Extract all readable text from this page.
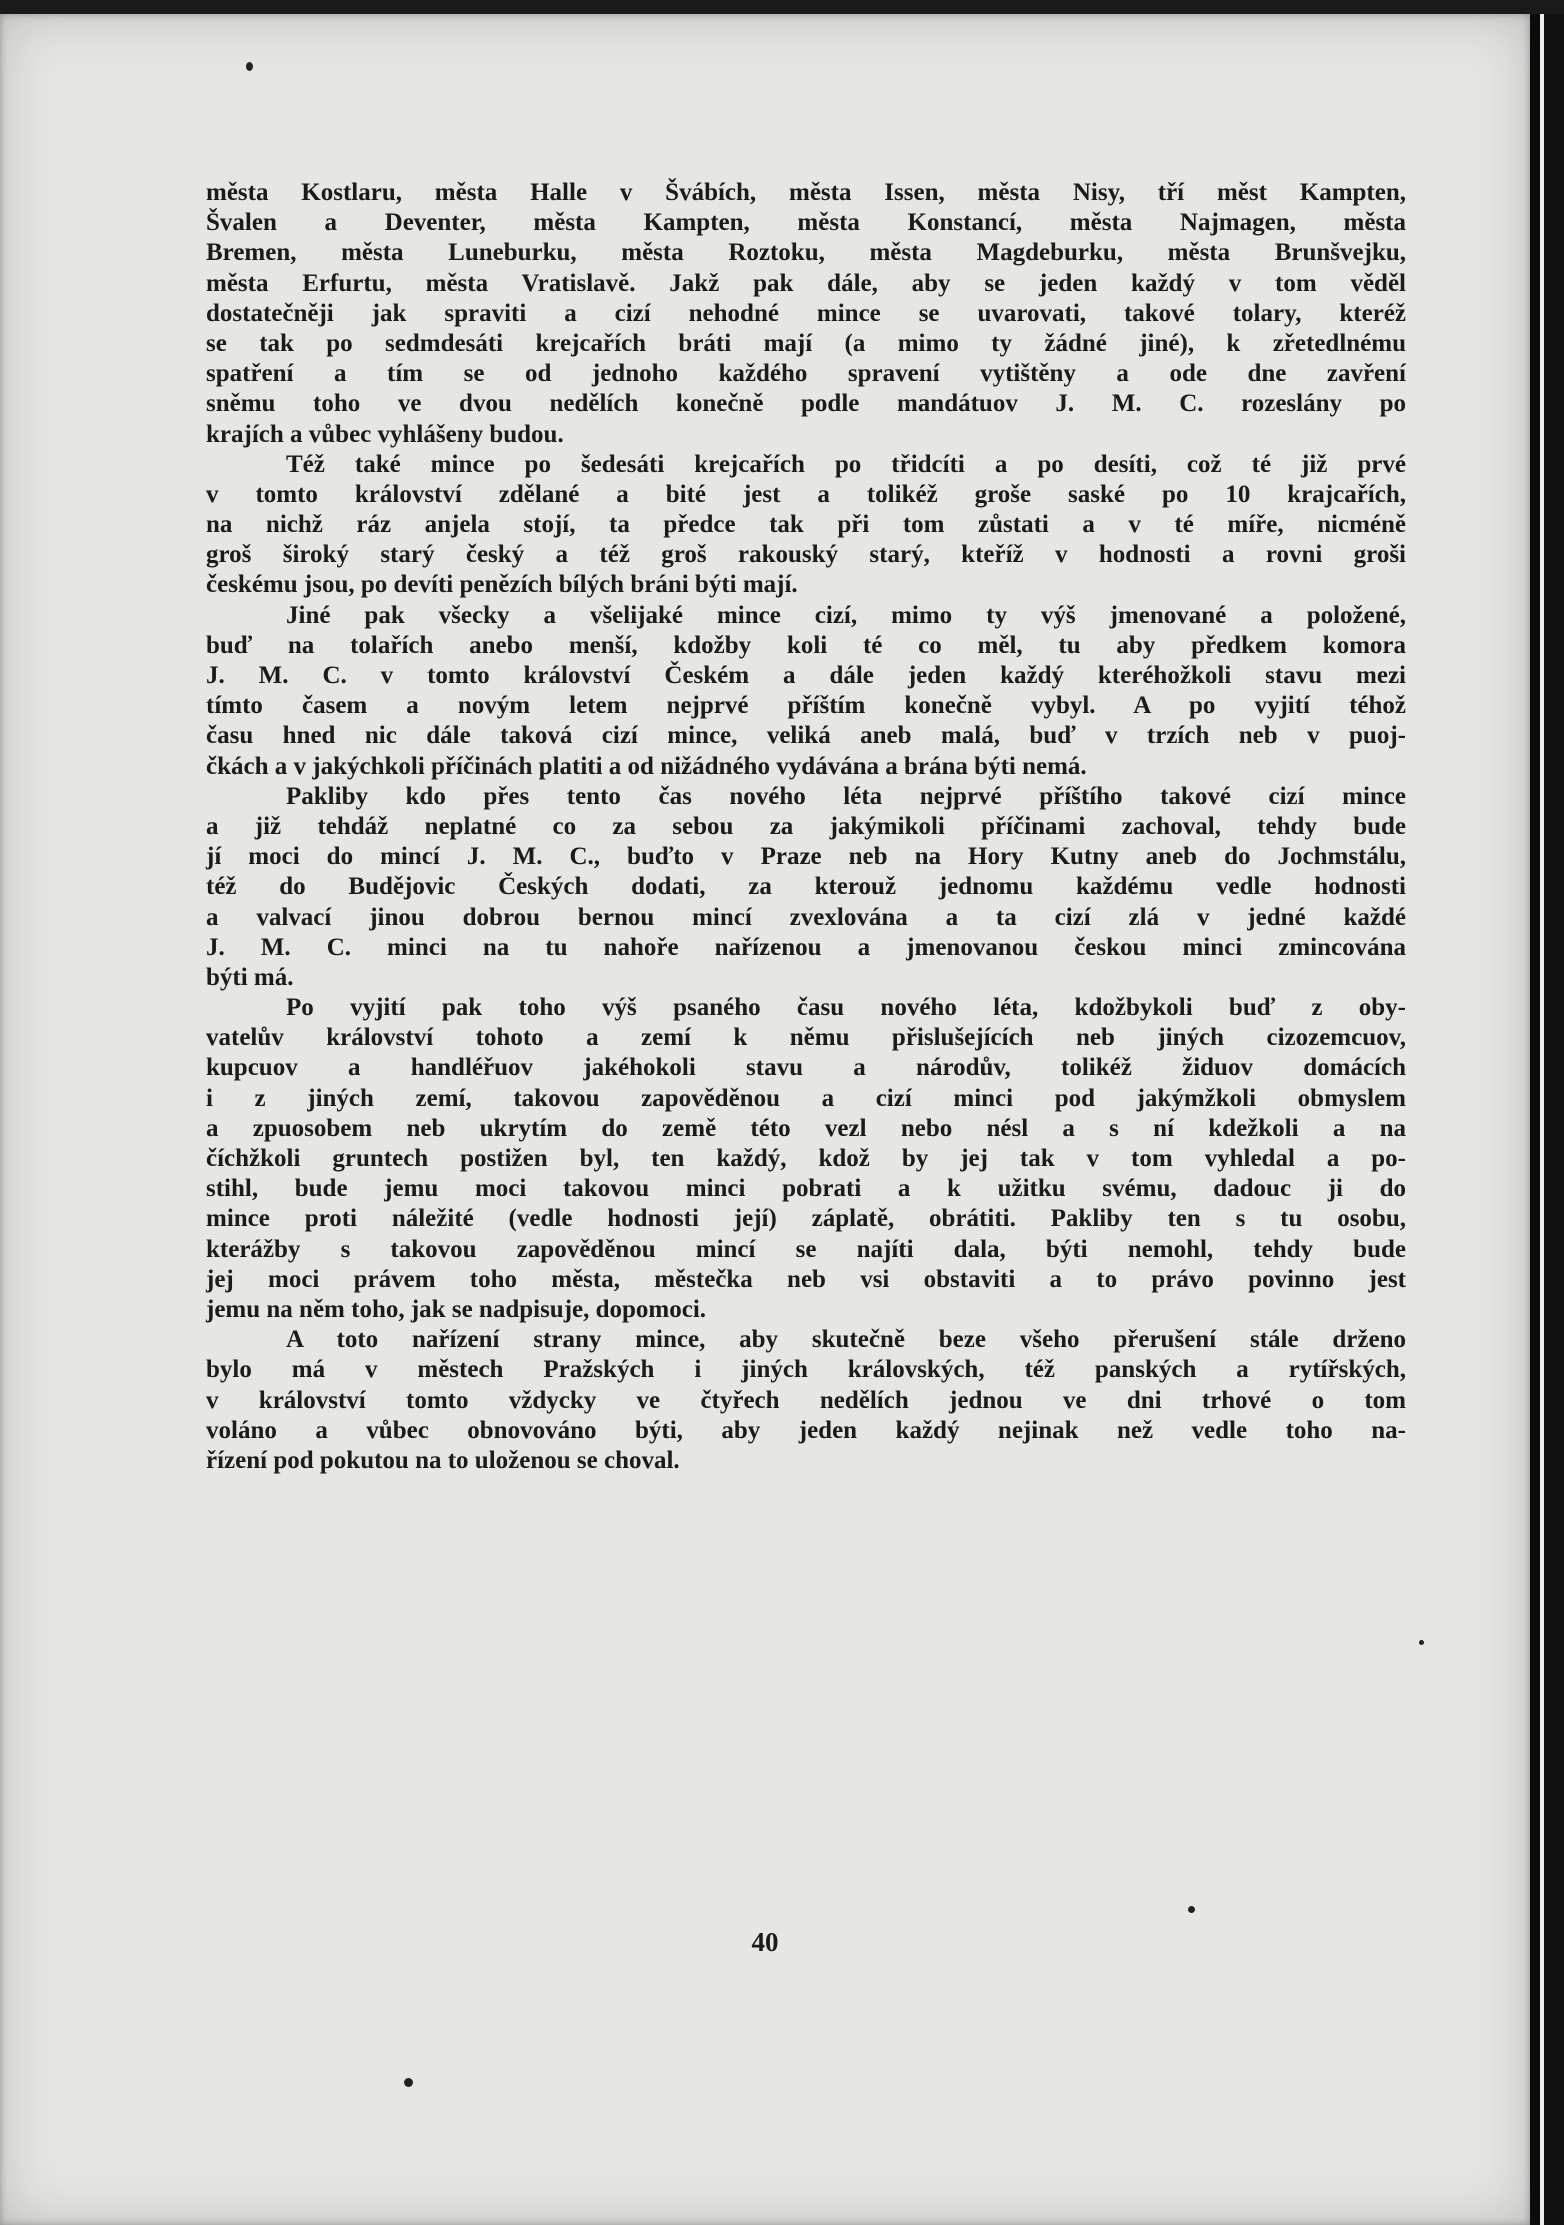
města Kostlaru, města Halle v Švábích, města Issen, města Nisy, tří měst Kampten,
Švalen a Deventer, města Kampten, města Konstancí, města Najmagen, města
Bremen, města Luneburku, města Roztoku, města Magdeburku, města Brunšvejku,
města Erfurtu, města Vratislavě. Jakž pak dále, aby se jeden každý v tom věděl
dostatečněji jak spraviti a cizí nehodné mince se uvarovati, takové tolary, kteréž
se tak po sedmdesáti krejcařích bráti mají (a mimo ty žádné jiné), k zřetedlnému
spatření a tím se od jednoho každého spravení vytištěny a ode dne zavření
sněmu toho ve dvou nedělích konečně podle mandátuov J. M. C. rozeslány po
krajích a vůbec vyhlášeny budou.
Též také mince po šedesáti krejcařích po třidcíti a po desíti, což té již prvé
v tomto království zdělané a bité jest a tolikéž groše saské po 10 krajcařích,
na nichž ráz anjela stojí, ta předce tak při tom zůstati a v té míře, nicméně
groš široký starý český a též groš rakouský starý, kteříž v hodnosti a rovni groši
českému jsou, po devíti penězích bílých bráni býti mají.
Jiné pak všecky a všelijaké mince cizí, mimo ty výš jmenované a položené,
buď na tolařích anebo menší, kdožby koli té co měl, tu aby předkem komora
J. M. C. v tomto království Českém a dále jeden každý kteréhožkoli stavu mezi
tímto časem a novým letem nejprvé příštím konečně vybyl. A po vyjití téhož
času hned nic dále taková cizí mince, veliká aneb malá, buď v trzích neb v puoj-
čkách a v jakýchkoli příčinách platiti a od nižádného vydávána a brána býti nemá.
Pakliby kdo přes tento čas nového léta nejprvé příštího takové cizí mince
a již tehdáž neplatné co za sebou za jakýmikoli příčinami zachoval, tehdy bude
jí moci do mincí J. M. C., buďto v Praze neb na Hory Kutny aneb do Jochmstálu,
též do Budějovic Českých dodati, za kterouž jednomu každému vedle hodnosti
a valvací jinou dobrou bernou mincí zvexlována a ta cizí zlá v jedné každé
J. M. C. minci na tu nahoře nařízenou a jmenovanou českou minci zmincována
býti má.
Po vyjití pak toho výš psaného času nového léta, kdožbykoli buď z oby-
vatelův království tohoto a zemí k němu přislušejících neb jiných cizozemcuov,
kupcuov a handléřuov jakéhokoli stavu a národův, tolikéž židuov domácích
i z jiných zemí, takovou zapověděnou a cizí minci pod jakýmžkoli obmyslem
a zpuosobem neb ukrytím do země této vezl nebo nésl a s ní kdežkoli a na
číchžkoli gruntech postižen byl, ten každý, kdož by jej tak v tom vyhledal a po-
stihl, bude jemu moci takovou minci pobrati a k užitku svému, dadouc ji do
mince proti náležité (vedle hodnosti její) záplatě, obrátiti. Pakliby ten s tu osobu,
kterážby s takovou zapověděnou mincí se najíti dala, býti nemohl, tehdy bude
jej moci právem toho města, městečka neb vsi obstaviti a to právo povinno jest
jemu na něm toho, jak se nadpisuje, dopomoci.
A toto nařízení strany mince, aby skutečně beze všeho přerušení stále drženo
bylo má v městech Pražských i jiných královských, též panských a rytířských,
v království tomto vždycky ve čtyřech nedělích jednou ve dni trhové o tom
voláno a vůbec obnovováno býti, aby jeden každý nejinak než vedle toho na-
řízení pod pokutou na to uloženou se choval.
40
